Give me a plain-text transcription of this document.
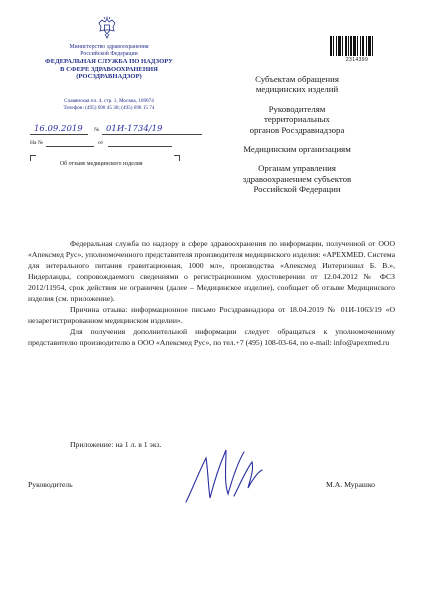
Министерство здравоохранения
Российской Федерации
ФЕДЕРАЛЬНАЯ СЛУЖБА ПО НАДЗОРУ
В СФЕРЕ ЗДРАВООХРАНЕНИЯ
(РОСЗДРАВНАДЗОР)
Славянская пл. 4, стр. 1, Москва, 109074
Телефон: (495) 698 45 38; (495) 698 15 74
16.09.2019 № 01И-1734/19
На №	от
Об отзыве медицинского изделия
2314399
Субъектам обращения
медицинских изделий
Руководителям
территориальных
органов Росздравнадзора
Медицинским организациям
Органам управления
здравоохранением субъектов
Российской Федерации

Федеральная служба по надзору в сфере здравоохранения по информации, полученной от ООО «Апексмед Рус», уполномоченного представителя производителя медицинского изделия: «APEXMED. Система для энтерального питания гравитационная, 1000 мл», производства «Апексмед Интернэшнл Б. В.», Нидерланды, сопровождаемого сведениями о регистрационном удостоверении от 12.04.2012 № ФСЗ 2012/11954, срок действия не ограничен (далее – Медицинское изделие), сообщает об отзыве Медицинского изделия (см. приложение).

Причина отзыва: информационное письмо Росздравнадзора от 18.04.2019 № 01И-1063/19 «О незарегистрированном медицинском изделии».

Для получения дополнительной информации следует обращаться к уполномоченному представителю производителю в ООО «Апексмед Рус», по тел.+7 (495) 108-03-64, по e-mail: info@apexmed.ru

Приложение: на 1 л. в 1 экз.
Руководитель	М.А. Мурашко
